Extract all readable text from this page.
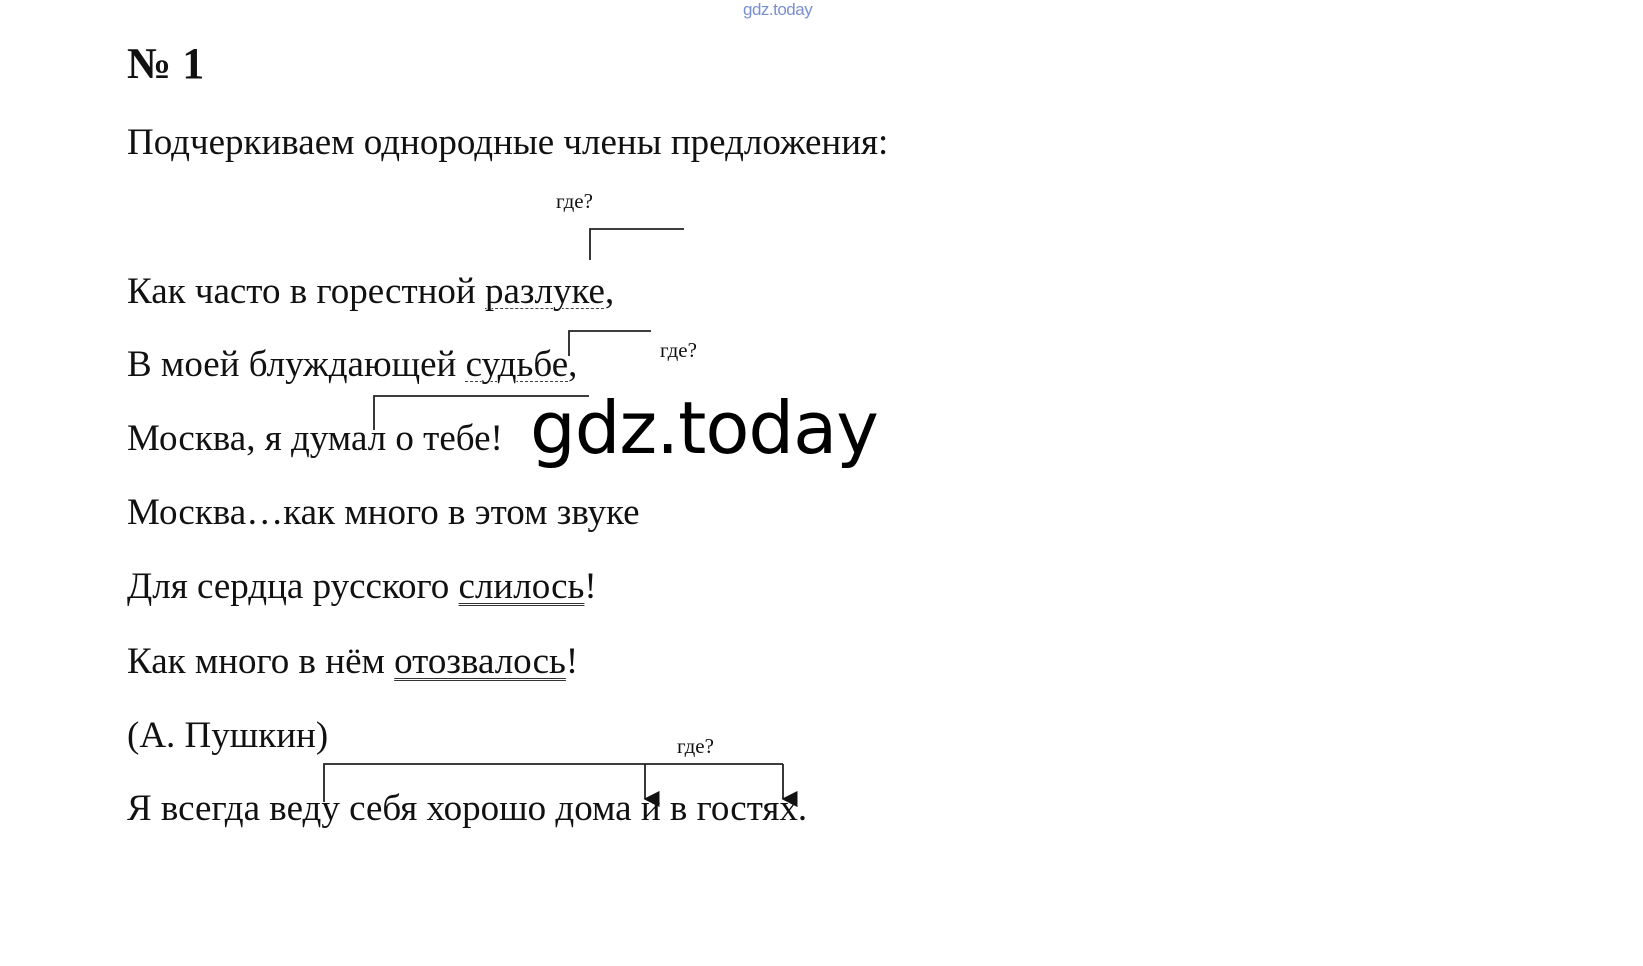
gdz.today
№ 1
Подчеркиваем однородные члены предложения:
где?
где?
где?
Как часто в горестной разлуке,
В моей блуждающей судьбе,
Москва, я думал о тебе!
Москва…как много в этом звуке
Для сердца русского слилось!
Как много в нём отозвалось!
(А. Пушкин)
Я всегда веду себя хорошо дома и в гостях.
gdz.today
